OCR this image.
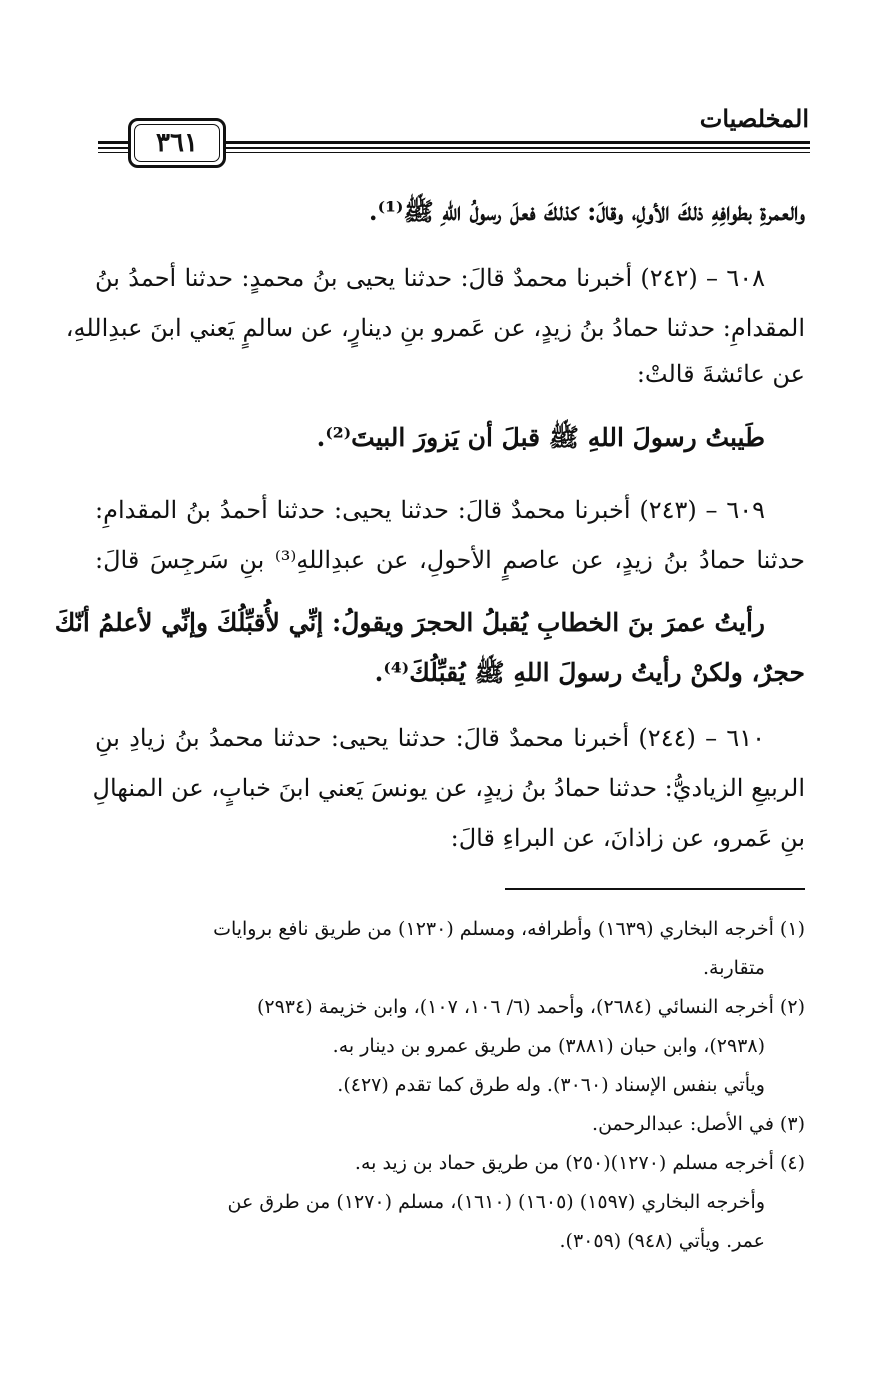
المخلصيات
٣٦١
والعمرةِ بطوافِهِ ذلكَ الأولِ، وقالَ: كذلكَ فعلَ رسولُ اللهِ ﷺ⁽¹⁾.
٦٠٨ – (٢٤٢) أخبرنا محمدٌ قالَ: حدثنا يحيى بنُ محمدٍ: حدثنا أحمدُ بنُ
المقدامِ: حدثنا حمادُ بنُ زيدٍ، عن عَمرو بنِ دينارٍ، عن سالمٍ يَعني ابنَ عبدِاللهِ،
عن عائشةَ قالتْ:
طَيبتُ رسولَ اللهِ ﷺ قبلَ أن يَزورَ البيتَ⁽²⁾.
٦٠٩ – (٢٤٣) أخبرنا محمدٌ قالَ: حدثنا يحيى: حدثنا أحمدُ بنُ المقدامِ:
حدثنا حمادُ بنُ زيدٍ، عن عاصمٍ الأحولِ، عن عبدِاللهِ⁽³⁾ بنِ سَرجِسَ قالَ:
رأيتُ عمرَ بنَ الخطابِ يُقبلُ الحجرَ ويقولُ: إنِّي لأُقبِّلُكَ وإنِّي لأعلمُ أنّكَ
حجرٌ، ولكنْ رأيتُ رسولَ اللهِ ﷺ يُقبِّلُكَ⁽⁴⁾.
٦١٠ – (٢٤٤) أخبرنا محمدٌ قالَ: حدثنا يحيى: حدثنا محمدُ بنُ زيادِ بنِ
الربيعِ الزياديُّ: حدثنا حمادُ بنُ زيدٍ، عن يونسَ يَعني ابنَ خبابٍ، عن المنهالِ
بنِ عَمرو، عن زاذانَ، عن البراءِ قالَ:
(١) أخرجه البخاري (١٦٣٩) وأطرافه، ومسلم (١٢٣٠) من طريق نافع بروايات
متقاربة.
(٢) أخرجه النسائي (٢٦٨٤)، وأحمد (٦/ ١٠٦، ١٠٧)، وابن خزيمة (٢٩٣٤)
(٢٩٣٨)، وابن حبان (٣٨٨١) من طريق عمرو بن دينار به.
ويأتي بنفس الإسناد (٣٠٦٠). وله طرق كما تقدم (٤٢٧).
(٣) في الأصل: عبدالرحمن.
(٤) أخرجه مسلم (١٢٧٠)(٢٥٠) من طريق حماد بن زيد به.
وأخرجه البخاري (١٥٩٧) (١٦٠٥) (١٦١٠)، مسلم (١٢٧٠) من طرق عن
عمر. ويأتي (٩٤٨) (٣٠٥٩).
